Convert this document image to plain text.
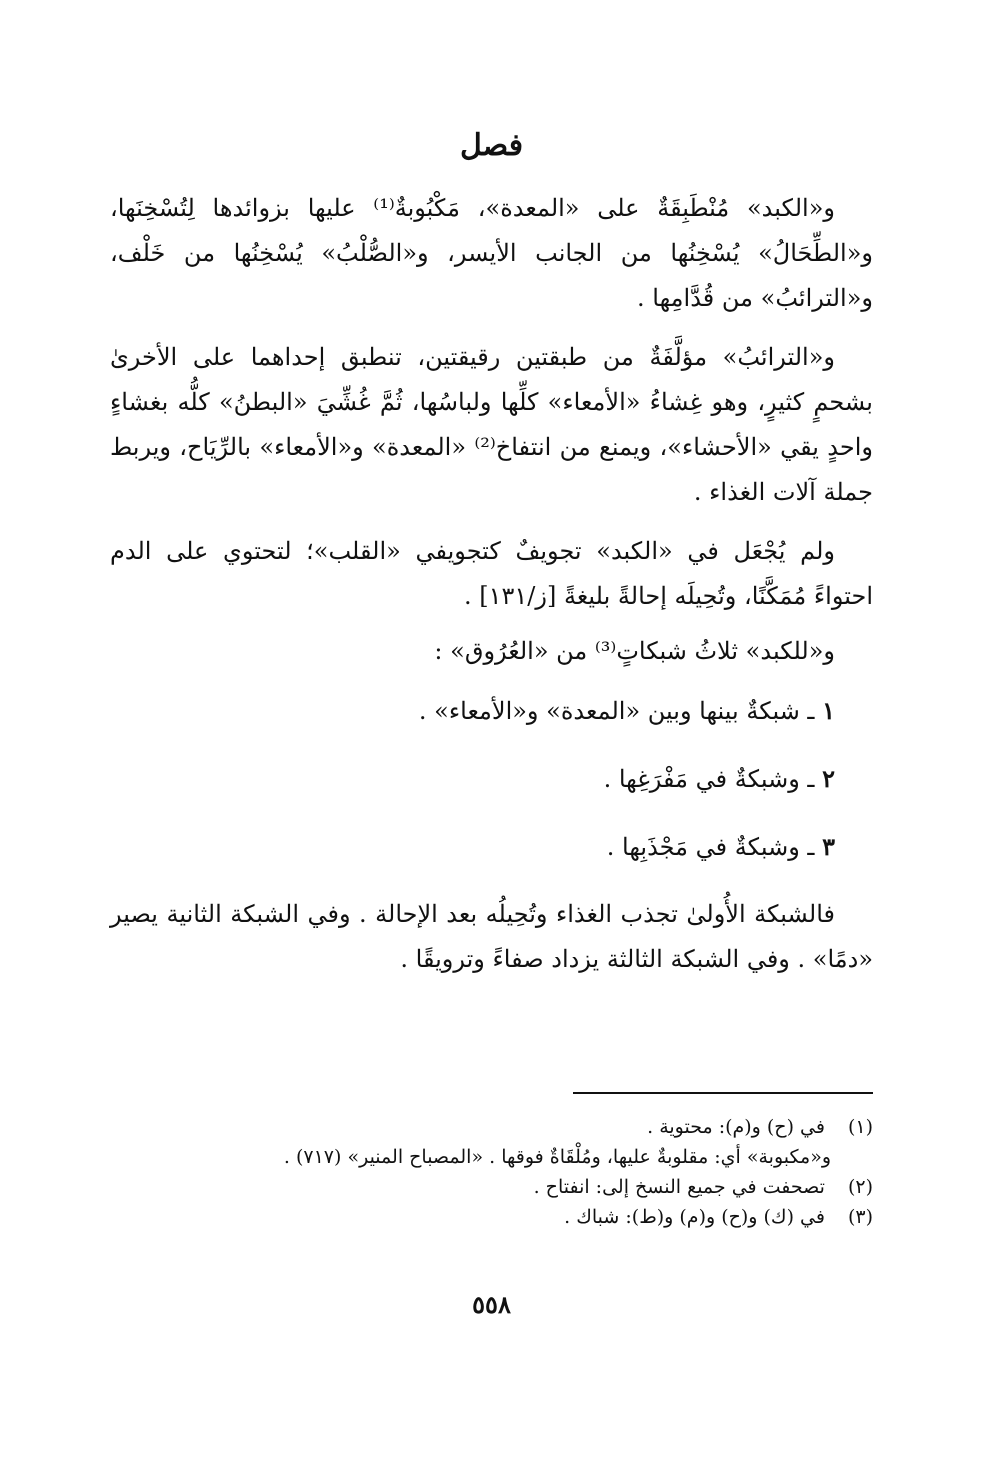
فصل

و«الكبد» مُنْطَبِقَةٌ على «المعدة»، مَكْبُوبةٌ⁽¹⁾ عليها بزوائدها لِتُسْخِنَها، و«الطِّحَالُ» يُسْخِنُها من الجانب الأيسر، و«الصُّلْبُ» يُسْخِنُها من خَلْف، و«الترائبُ» من قُدَّامِها .

و«الترائبُ» مؤلَّفَةٌ من طبقتين رقيقتين، تنطبق إحداهما على الأخرىٰ بشحمٍ كثيرٍ، وهو غِشاءُ «الأمعاء» كلِّها ولباسُها، ثُمَّ غُشِّيَ «البطنُ» كلُّه بغشاءٍ واحدٍ يقي «الأحشاء»، ويمنع من انتفاخ⁽²⁾ «المعدة» و«الأمعاء» بالرِّيَاح، ويربط جملة آلات الغذاء .

ولم يُجْعَل في «الكبد» تجويفٌ كتجويفي «القلب»؛ لتحتوي على الدم احتواءً مُمَكَّنًا، وتُحِيلَه إحالةً بليغةً [ز/١٣١] .

و«للكبد» ثلاثُ شبكاتٍ⁽³⁾ من «العُرُوق» :

١ ـ شبكةٌ بينها وبين «المعدة» و«الأمعاء» .
٢ ـ وشبكةٌ في مَفْرَغِها .
٣ ـ وشبكةٌ في مَجْذَبِها .

فالشبكة الأُولىٰ تجذب الغذاء وتُحِيلُه بعد الإحالة . وفي الشبكة الثانية يصير «دمًا» . وفي الشبكة الثالثة يزداد صفاءً وترويقًا .

(١) في (ح) و(م): محتوية .

و«مكبوبة» أي: مقلوبةٌ عليها، ومُلْقَاةٌ فوقها . «المصباح المنير» (٧١٧) .

(٢) تصحفت في جميع النسخ إلى: انفتاح .

(٣) في (ك) و(ح) و(م) و(ط): شباك .

٥٥٨
